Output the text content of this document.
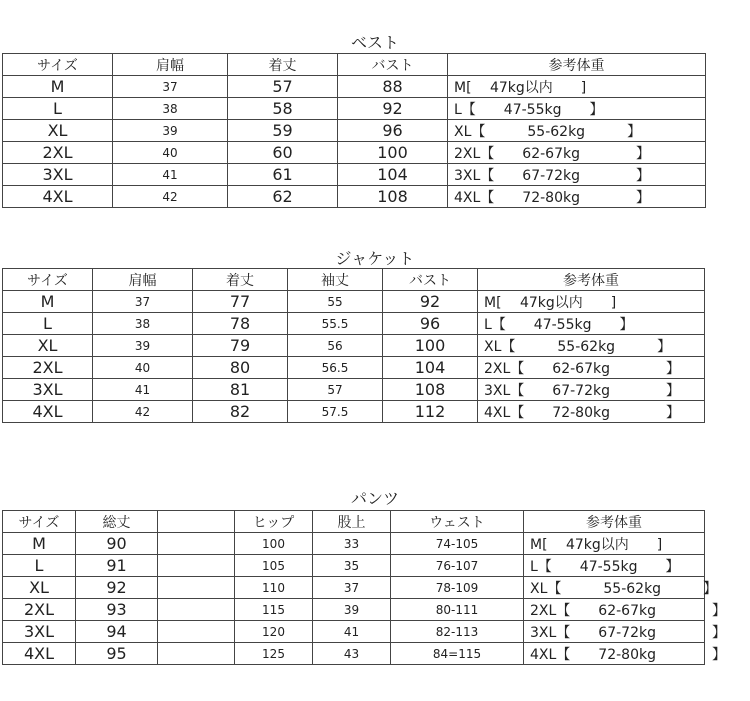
ベスト
サイズ	肩幅	着丈	バスト	参考体重
M	37	57	88	M[　 47kg以内　　]
L	38	58	92	L【　　47-55kg　　】
XL	39	59	96	XL【　　　55-62kg　　　】
2XL	40	60	100	2XL【　　62-67kg　　　　】
3XL	41	61	104	3XL【　　67-72kg　　　　】
4XL	42	62	108	4XL【　　72-80kg　　　　】
ジャケット
サイズ	肩幅	着丈	袖丈	バスト	参考体重
M	37	77	55	92	M[　 47kg以内　　]
L	38	78	55.5	96	L【　　47-55kg　　】
XL	39	79	56	100	XL【　　　55-62kg　　　】
2XL	40	80	56.5	104	2XL【　　62-67kg　　　　】
3XL	41	81	57	108	3XL【　　67-72kg　　　　】
4XL	42	82	57.5	112	4XL【　　72-80kg　　　　】
パンツ
サイズ	総丈		ヒップ	股上	ウェスト	参考体重
M	90		100	33	74-105	M[　 47kg以内　　]
L	91		105	35	76-107	L【　　47-55kg　　】
XL	92		110	37	78-109	XL【　　　55-62kg　　　】
2XL	93		115	39	80-111	2XL【　　62-67kg　　　　】
3XL	94		120	41	82-113	3XL【　　67-72kg　　　　】
4XL	95		125	43	84=115	4XL【　　72-80kg　　　　】
